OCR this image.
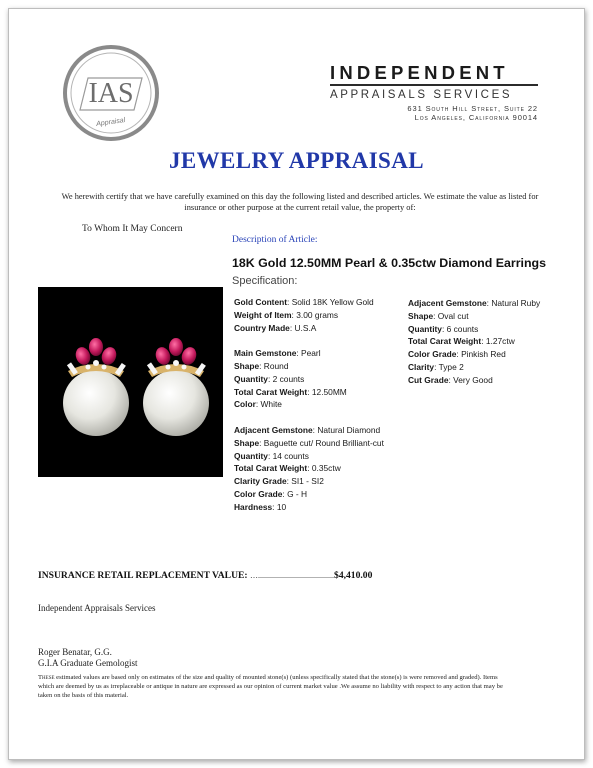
IAS
Appraisal
INDEPENDENT
APPRAISALS SERVICES
631 South Hill Street, Suite 22
Los Angeles, California 90014
JEWELRY APPRAISAL
We herewith certify that we have carefully examined on this day the following listed and described articles. We estimate the value as listed for insurance or other purpose at the current retail value, the property of:
To Whom It May Concern
Description of Article:
18K Gold 12.50MM Pearl & 0.35ctw Diamond Earrings
Specification:
Gold Content: Solid 18K Yellow Gold
Weight of Item: 3.00 grams
Country Made: U.S.A
Main Gemstone: Pearl
Shape: Round
Quantity: 2 counts
Total Carat Weight: 12.50MM
Color: White
Adjacent Gemstone: Natural Diamond
Shape: Baguette cut/ Round Brilliant-cut
Quantity: 14 counts
Total Carat Weight: 0.35ctw
Clarity Grade: SI1 - SI2
Color Grade: G - H
Hardness: 10
Adjacent Gemstone: Natural Ruby
Shape: Oval cut
Quantity: 6 counts
Total Carat Weight: 1.27ctw
Color Grade: Pinkish Red
Clarity: Type 2
Cut Grade: Very Good
INSURANCE RETAIL REPLACEMENT VALUE: …......................................$4,410.00
Independent Appraisals Services
Roger Benatar, G.G.
G.I.A Graduate Gemologist
These estimated values are based only on estimates of the size and quality of mounted stone(s) (unless specifically stated that the stone(s) is were removed and graded). Items which are deemed by us as irreplaceable or antique in nature are expressed as our opinion of current market value .We assume no liability with respect to any action that may be taken on the basis of this material.
